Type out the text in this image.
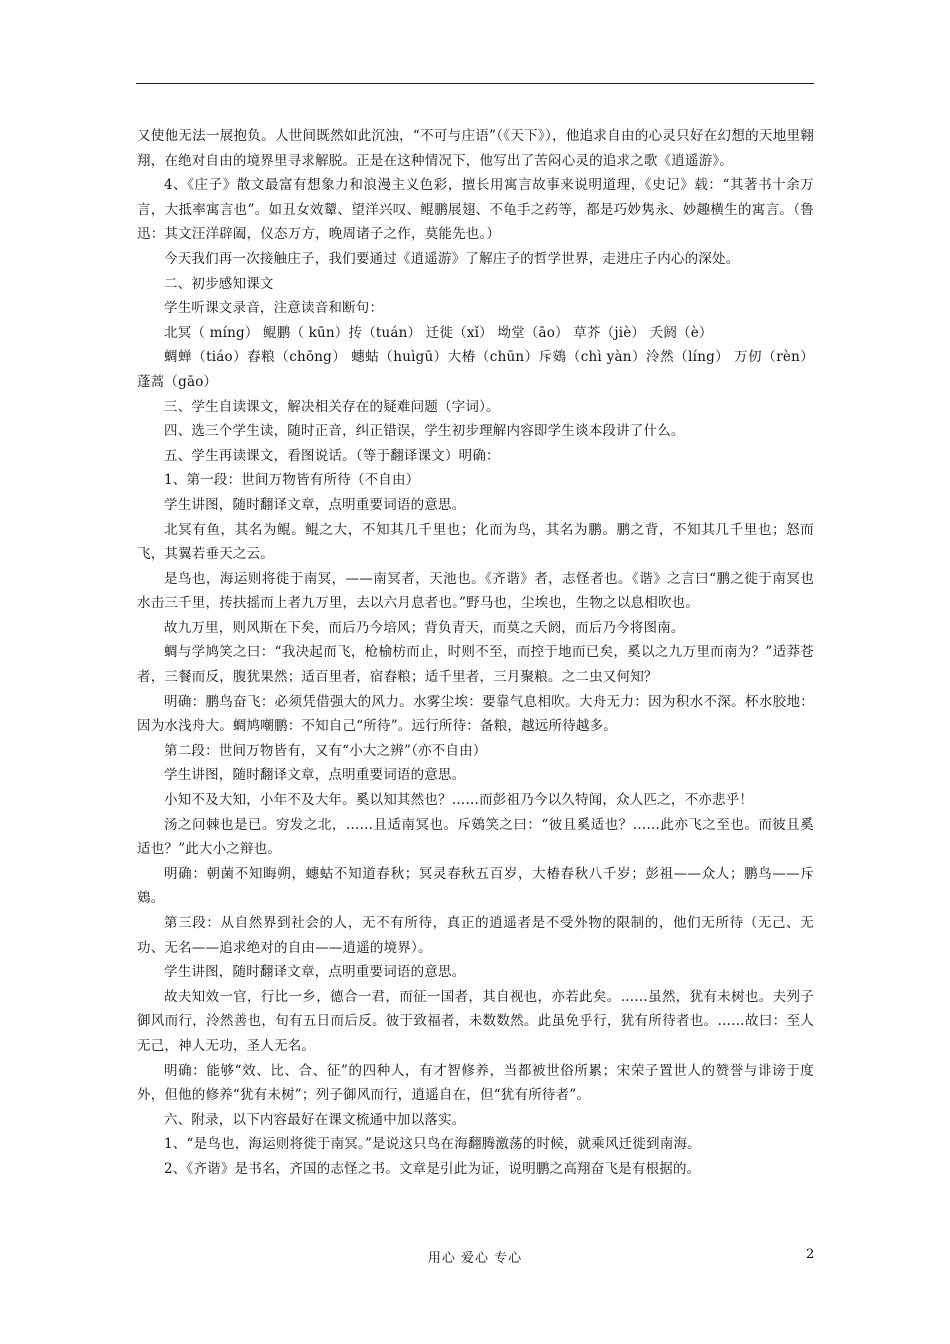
又使他无法一展抱负。人世间既然如此沉浊，“不可与庄语”（《天下》），他追求自由的心灵只好在幻想的天地里翱翔，在绝对自由的境界里寻求解脱。正是在这种情况下，他写出了苦闷心灵的追求之歌《逍遥游》。

4、《庄子》散文最富有想象力和浪漫主义色彩，擅长用寓言故事来说明道理，《史记》载：“其著书十余万言，大抵率寓言也”。如丑女效颦、望洋兴叹、鲲鹏展翅、不龟手之药等，都是巧妙隽永、妙趣横生的寓言。（鲁迅：其文汪洋辟阖，仪态万方，晚周诸子之作，莫能先也。）

今天我们再一次接触庄子，我们要通过《逍遥游》了解庄子的哲学世界，走进庄子内心的深处。

二、初步感知课文

学生听课文录音，注意读音和断句：

北冥（ míng） 鲲鹏（ kūn）抟（tuán） 迁徙（xǐ） 坳堂（āo） 草芥（jiè） 夭阏（è）

蜩蝉（tiáo）舂粮（chōng） 蟪蛄（huìgū）大椿（chūn）斥鴳（chì yàn）泠然（líng） 万仞（rèn） 蓬蒿（gāo）

三、学生自读课文，解决相关存在的疑难问题（字词）。

四、选三个学生读，随时正音，纠正错误，学生初步理解内容即学生谈本段讲了什么。

五、学生再读课文，看图说话。（等于翻译课文）明确：

1、第一段：世间万物皆有所待（不自由）

学生讲图，随时翻译文章，点明重要词语的意思。

北冥有鱼，其名为鲲。鲲之大，不知其几千里也；化而为鸟，其名为鹏。鹏之背，不知其几千里也；怒而飞，其翼若垂天之云。

是鸟也，海运则将徙于南冥，——南冥者，天池也。《齐谐》者，志怪者也。《谐》之言曰“鹏之徙于南冥也水击三千里，抟扶摇而上者九万里，去以六月息者也。”野马也，尘埃也，生物之以息相吹也。

故九万里，则风斯在下矣，而后乃今培风；背负青天，而莫之夭阏，而后乃今将图南。

蜩与学鸠笑之曰：“我决起而飞，枪榆枋而止，时则不至，而控于地而已矣，奚以之九万里而南为？”适莽苍者，三餐而反，腹犹果然；适百里者，宿舂粮；适千里者，三月聚粮。之二虫又何知？

明确：鹏鸟奋飞：必须凭借强大的风力。水雾尘埃：要靠气息相吹。大舟无力：因为积水不深。杯水胶地：因为水浅舟大。蜩鸠嘲鹏：不知自己“所待”。远行所待：备粮，越远所待越多。

第二段：世间万物皆有，又有“小大之辨”（亦不自由）

学生讲图，随时翻译文章，点明重要词语的意思。

小知不及大知，小年不及大年。奚以知其然也？……而彭祖乃今以久特闻，众人匹之，不亦悲乎！

汤之问棘也是已。穷发之北，……且适南冥也。斥鴳笑之曰：“彼且奚适也？……此亦飞之至也。而彼且奚适也？”此大小之辩也。

明确：朝菌不知晦朔，蟪蛄不知道春秋；冥灵春秋五百岁，大椿春秋八千岁；彭祖——众人；鹏鸟——斥鴳。

第三段：从自然界到社会的人，无不有所待，真正的逍遥者是不受外物的限制的，他们无所待（无己、无功、无名——追求绝对的自由——逍遥的境界）。

学生讲图，随时翻译文章，点明重要词语的意思。

故夫知效一官，行比一乡，德合一君，而征一国者，其自视也，亦若此矣。……虽然，犹有未树也。夫列子御风而行，泠然善也，旬有五日而后反。彼于致福者，未数数然。此虽免乎行，犹有所待者也。……故曰：至人无己，神人无功，圣人无名。

明确：能够“效、比、合、征”的四种人，有才智修养，当都被世俗所累；宋荣子置世人的赞誉与诽谤于度外，但他的修养“犹有未树”；列子御风而行，逍遥自在，但“犹有所待者”。

六、附录，以下内容最好在课文梳通中加以落实。

1、“是鸟也，海运则将徙于南冥。”是说这只鸟在海翻腾激荡的时候，就乘风迁徙到南海。

2、《齐谐》是书名，齐国的志怪之书。文章是引此为证，说明鹏之高翔奋飞是有根据的。

用心 爱心 专心	2
